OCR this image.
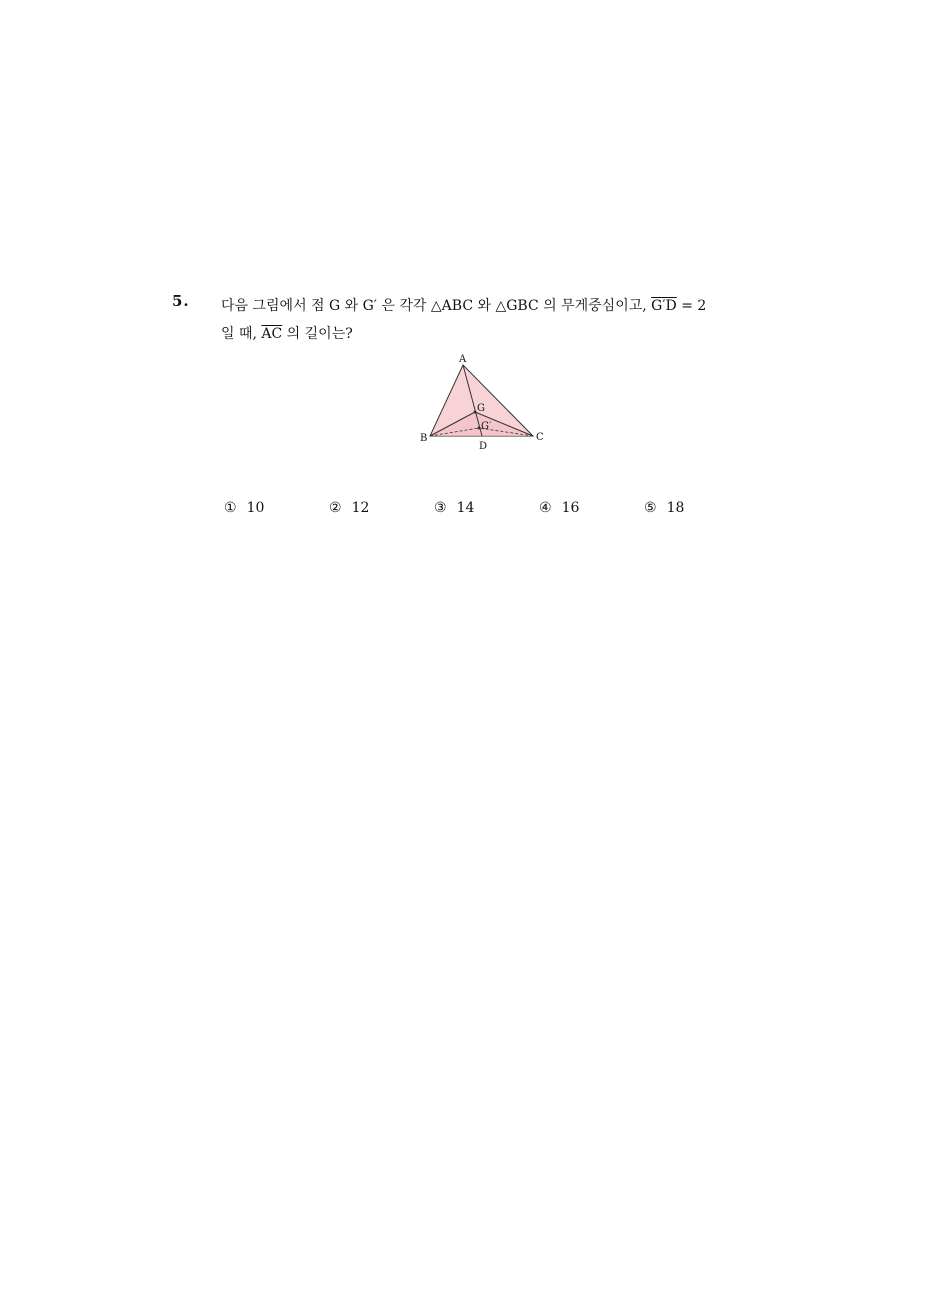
5. 다음 그림에서 점 G 와 G′ 은 각각 △ABC 와 △GBC 의 무게중심이고, G′D = 2
일 때, $\overline{AC}$ 의 길이는?
A
B	C
D
G
G′
① 10	② 12	③ 14	④ 16	⑤ 18
